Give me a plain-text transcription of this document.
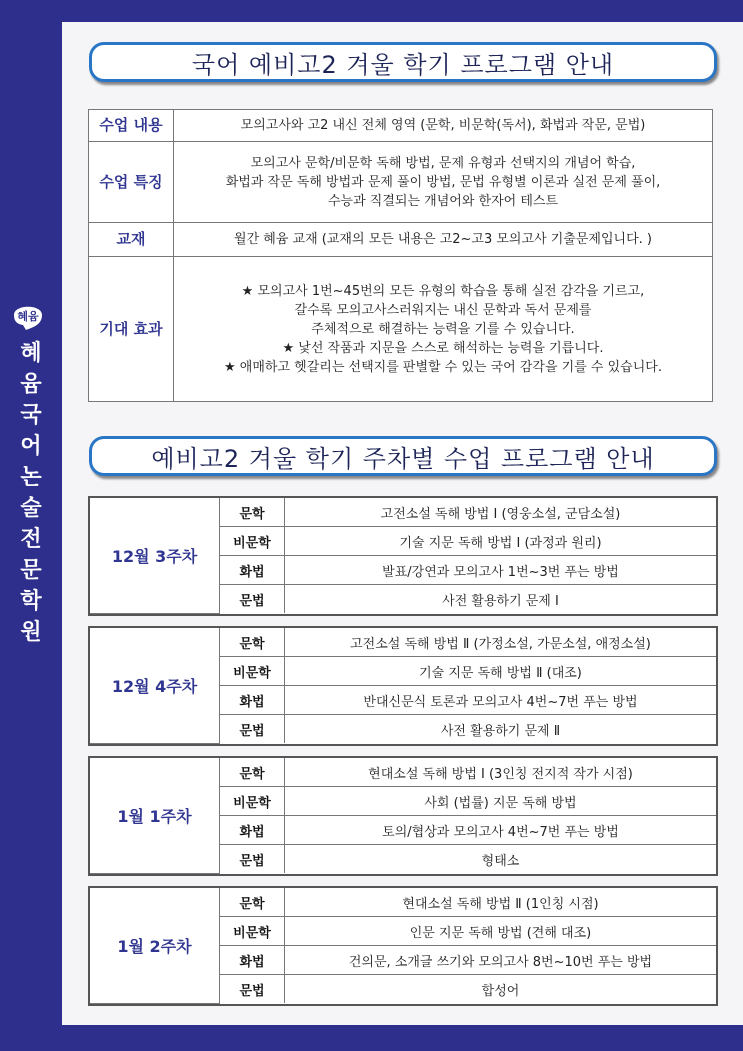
혜윰
혜
윰
국
어
논
술
전
문
학
원
국어 예비고2 겨울 학기 프로그램 안내
수업 내용	모의고사와 고2 내신 전체 영역 (문학, 비문학(독서), 화법과 작문, 문법)

수업 특징	모의고사 문학/비문학 독해 방법, 문제 유형과 선택지의 개념어 학습,
화법과 작문 독해 방법과 문제 풀이 방법, 문법 유형별 이론과 실전 문제 풀이,
수능과 직결되는 개념어와 한자어 테스트

교재	월간 혜윰 교재 (교재의 모든 내용은 고2~고3 모의고사 기출문제입니다. )

기대 효과	★ 모의고사 1번~45번의 모든 유형의 학습을 통해 실전 감각을 기르고,
갈수록 모의고사스러워지는 내신 문학과 독서 문제를
주체적으로 해결하는 능력을 기를 수 있습니다.
★ 낯선 작품과 지문을 스스로 해석하는 능력을 기릅니다.
★ 애매하고 헷갈리는 선택지를 판별할 수 있는 국어 감각을 기를 수 있습니다.
예비고2 겨울 학기 주차별 수업 프로그램 안내
12월 3주차	문학	고전소설 독해 방법 Ⅰ (영웅소설, 군담소설)
	비문학	기술 지문 독해 방법 Ⅰ (과정과 원리)
	화법	발표/강연과 모의고사 1번~3번 푸는 방법
	문법	사전 활용하기 문제 Ⅰ
12월 4주차	문학	고전소설 독해 방법 Ⅱ (가정소설, 가문소설, 애정소설)
	비문학	기술 지문 독해 방법 Ⅱ (대조)
	화법	반대신문식 토론과 모의고사 4번~7번 푸는 방법
	문법	사전 활용하기 문제 Ⅱ
1월 1주차	문학	현대소설 독해 방법 Ⅰ (3인칭 전지적 작가 시점)
	비문학	사회 (법률) 지문 독해 방법
	화법	토의/협상과 모의고사 4번~7번 푸는 방법
	문법	형태소
1월 2주차	문학	현대소설 독해 방법 Ⅱ (1인칭 시점)
	비문학	인문 지문 독해 방법 (견해 대조)
	화법	건의문, 소개글 쓰기와 모의고사 8번~10번 푸는 방법
	문법	합성어
